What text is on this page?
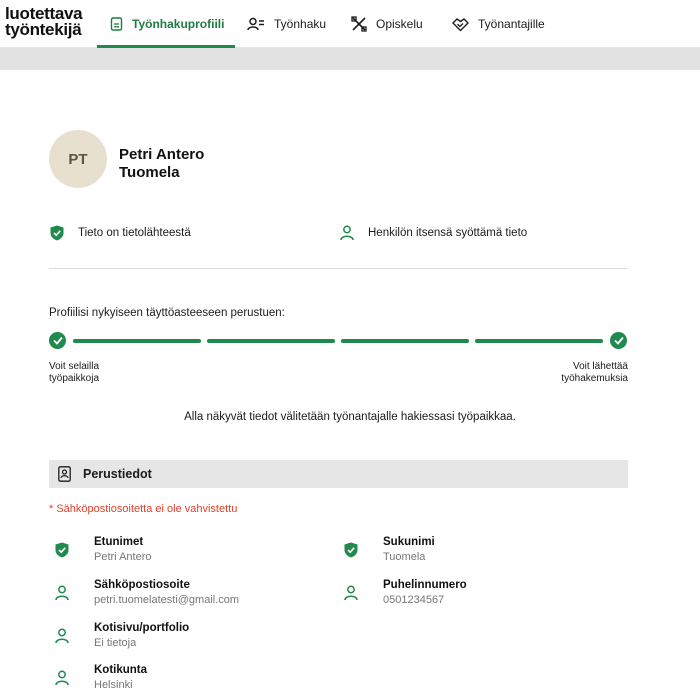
luotettava
työntekijä	Työnhakuprofiili	Työnhaku	Opiskelu	Työnantajille
PT Petri Antero
Tuomela
Tieto on tietolähteestä	Henkilön itsensä syöttämä tieto
Profiilisi nykyiseen täyttöasteeseen perustuen:
Voit selailla
työpaikkoja
Voit lähettää
työhakemuksia
Alla näkyvät tiedot välitetään työnantajalle hakiessasi työpaikkaa.
Perustiedot
* Sähköpostiosoitetta ei ole vahvistettu
Etunimet
Petri Antero
Sukunimi
Tuomela
Sähköpostiosoite
petri.tuomelatesti@gmail.com
Puhelinnumero
0501234567
Kotisivu/portfolio
Ei tietoja
Kotikunta
Helsinki
